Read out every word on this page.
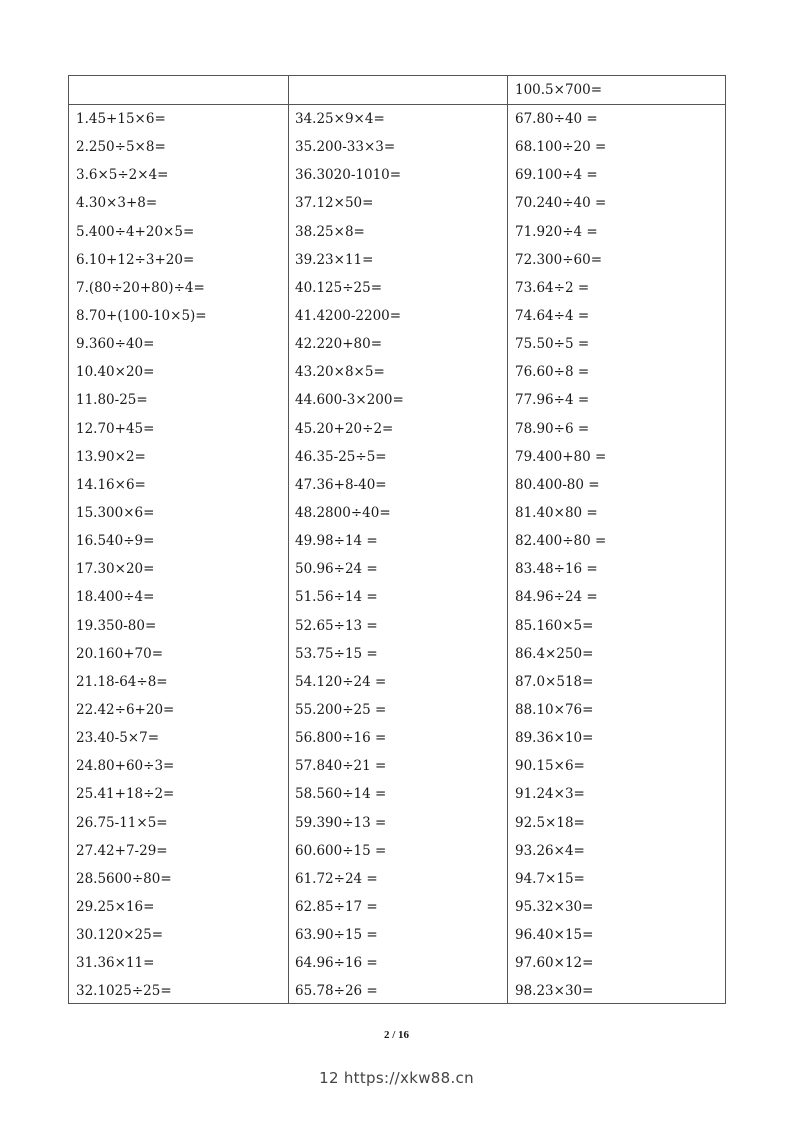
100.5×700=
1.45+15×6=
2.250÷5×8=
3.6×5÷2×4=
4.30×3+8=
5.400÷4+20×5=
6.10+12÷3+20=
7.(80÷20+80)÷4=
8.70+(100-10×5)=
9.360÷40=
10.40×20=
11.80-25=
12.70+45=
13.90×2=
14.16×6=
15.300×6=
16.540÷9=
17.30×20=
18.400÷4=
19.350-80=
20.160+70=
21.18-64÷8=
22.42÷6+20=
23.40-5×7=
24.80+60÷3=
25.41+18÷2=
26.75-11×5=
27.42+7-29=
28.5600÷80=
29.25×16=
30.120×25=
31.36×11=
32.1025÷25=
34.25×9×4=
35.200-33×3=
36.3020-1010=
37.12×50=
38.25×8=
39.23×11=
40.125÷25=
41.4200-2200=
42.220+80=
43.20×8×5=
44.600-3×200=
45.20+20÷2=
46.35-25÷5=
47.36+8-40=
48.2800÷40=
49.98÷14 =
50.96÷24 =
51.56÷14 =
52.65÷13 =
53.75÷15 =
54.120÷24 =
55.200÷25 =
56.800÷16 =
57.840÷21 =
58.560÷14 =
59.390÷13 =
60.600÷15 =
61.72÷24 =
62.85÷17 =
63.90÷15 =
64.96÷16 =
65.78÷26 =
67.80÷40 =
68.100÷20 =
69.100÷4 =
70.240÷40 =
71.920÷4 =
72.300÷60=
73.64÷2 =
74.64÷4 =
75.50÷5 =
76.60÷8 =
77.96÷4 =
78.90÷6 =
79.400+80 =
80.400-80 =
81.40×80 =
82.400÷80 =
83.48÷16 =
84.96÷24 =
85.160×5=
86.4×250=
87.0×518=
88.10×76=
89.36×10=
90.15×6=
91.24×3=
92.5×18=
93.26×4=
94.7×15=
95.32×30=
96.40×15=
97.60×12=
98.23×30=
2 / 16
12 https://xkw88.cn
